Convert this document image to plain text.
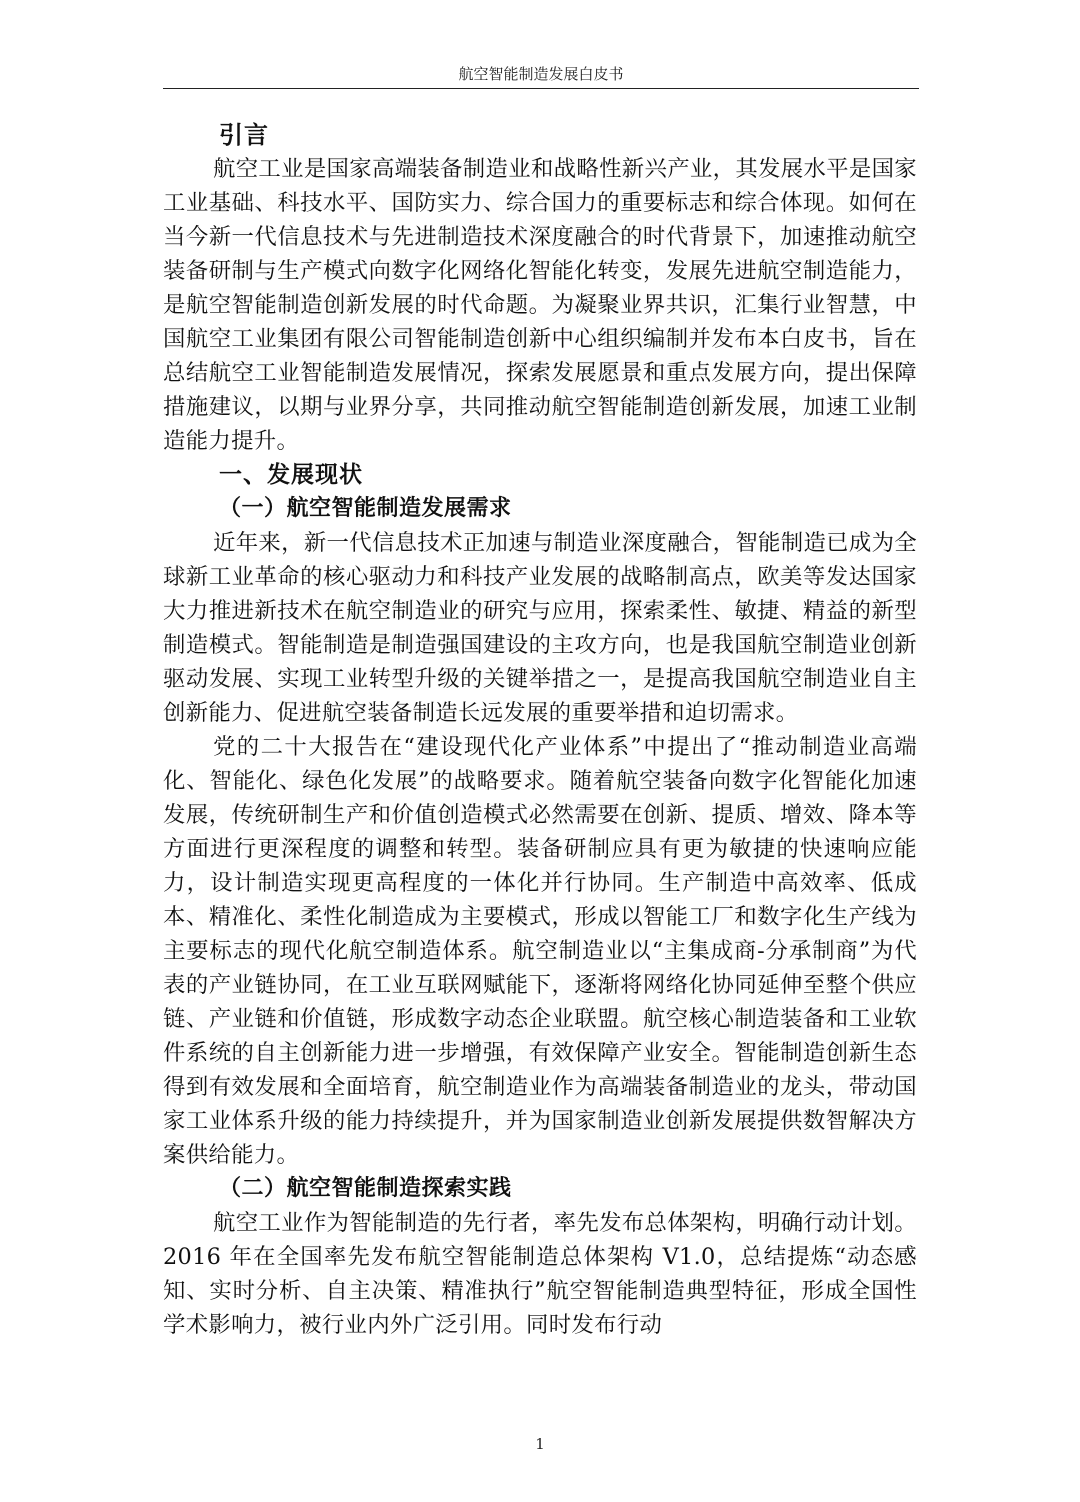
航空智能制造发展白皮书
引言

航空工业是国家高端装备制造业和战略性新兴产业，其发展水平是国家工业基础、科技水平、国防实力、综合国力的重要标志和综合体现。如何在当今新一代信息技术与先进制造技术深度融合的时代背景下，加速推动航空装备研制与生产模式向数字化网络化智能化转变，发展先进航空制造能力，是航空智能制造创新发展的时代命题。为凝聚业界共识，汇集行业智慧，中国航空工业集团有限公司智能制造创新中心组织编制并发布本白皮书，旨在总结航空工业智能制造发展情况，探索发展愿景和重点发展方向，提出保障措施建议，以期与业界分享，共同推动航空智能制造创新发展，加速工业制造能力提升。

一、发展现状
（一）航空智能制造发展需求

近年来，新一代信息技术正加速与制造业深度融合，智能制造已成为全球新工业革命的核心驱动力和科技产业发展的战略制高点，欧美等发达国家大力推进新技术在航空制造业的研究与应用，探索柔性、敏捷、精益的新型制造模式。智能制造是制造强国建设的主攻方向，也是我国航空制造业创新驱动发展、实现工业转型升级的关键举措之一，是提高我国航空制造业自主创新能力、促进航空装备制造长远发展的重要举措和迫切需求。

党的二十大报告在“建设现代化产业体系”中提出了“推动制造业高端化、智能化、绿色化发展”的战略要求。随着航空装备向数字化智能化加速发展，传统研制生产和价值创造模式必然需要在创新、提质、增效、降本等方面进行更深程度的调整和转型。装备研制应具有更为敏捷的快速响应能力，设计制造实现更高程度的一体化并行协同。生产制造中高效率、低成本、精准化、柔性化制造成为主要模式，形成以智能工厂和数字化生产线为主要标志的现代化航空制造体系。航空制造业以“主集成商-分承制商”为代表的产业链协同，在工业互联网赋能下，逐渐将网络化协同延伸至整个供应链、产业链和价值链，形成数字动态企业联盟。航空核心制造装备和工业软件系统的自主创新能力进一步增强，有效保障产业安全。智能制造创新生态得到有效发展和全面培育，航空制造业作为高端装备制造业的龙头，带动国家工业体系升级的能力持续提升，并为国家制造业创新发展提供数智解决方案供给能力。

（二）航空智能制造探索实践

航空工业作为智能制造的先行者，率先发布总体架构，明确行动计划。2016 年在全国率先发布航空智能制造总体架构 V1.0，总结提炼“动态感知、实时分析、自主决策、精准执行”航空智能制造典型特征，形成全国性学术影响力，被行业内外广泛引用。同时发布行动

1
